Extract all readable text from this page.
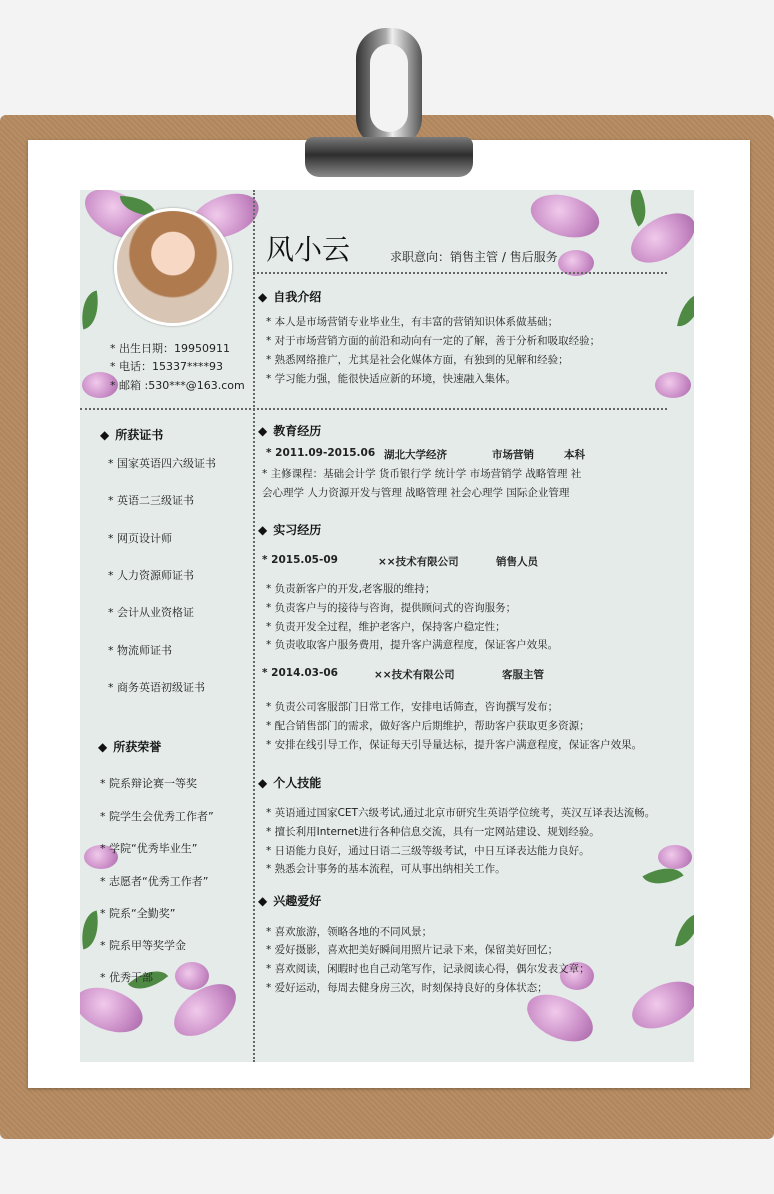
* 出生日期：19950911
* 电话：15337****93
* 邮箱 :530***@163.com
风小云	求职意向：销售主管 / 售后服务
◆ 所获证书
* 国家英语四六级证书
* 英语二三级证书
* 网页设计师
* 人力资源师证书
* 会计从业资格证
* 物流师证书
* 商务英语初级证书
◆ 所获荣誉
* 院系辩论赛一等奖
* 院学生会优秀工作者”
* 学院“优秀毕业生”
* 志愿者“优秀工作者”
* 院系“全勤奖”
* 院系甲等奖学金
* 优秀干部
◆ 自我介绍
* 本人是市场营销专业毕业生，有丰富的营销知识体系做基础；
* 对于市场营销方面的前沿和动向有一定的了解，善于分析和吸取经验；
* 熟悉网络推广，尤其是社会化媒体方面，有独到的见解和经验；
* 学习能力强，能很快适应新的环境，快速融入集体。
◆ 教育经历
* 2011.09-2015.06 湖北大学经济	市场营销	本科
* 主修课程：基础会计学 货币银行学 统计学 市场营销学 战略管理 社
会心理学 人力资源开发与管理 战略管理 社会心理学 国际企业管理
◆ 实习经历
* 2015.05-09	××技术有限公司	销售人员
* 负责新客户的开发,老客服的维持；
* 负责客户与的接待与咨询，提供顾问式的咨询服务；
* 负责开发全过程，维护老客户，保持客户稳定性；
* 负责收取客户服务费用，提升客户满意程度，保证客户效果。
* 2014.03-06	××技术有限公司	客服主管
* 负责公司客服部门日常工作，安排电话筛查，咨询撰写发布；
* 配合销售部门的需求，做好客户后期维护，帮助客户获取更多资源；
* 安排在线引导工作，保证每天引导量达标，提升客户满意程度，保证客户效果。
◆ 个人技能
* 英语通过国家CET六级考试,通过北京市研究生英语学位统考，英汉互译表达流畅。
* 擅长利用Internet进行各种信息交流，具有一定网站建设、规划经验。
* 日语能力良好，通过日语二三级等级考试，中日互译表达能力良好。
* 熟悉会计事务的基本流程，可从事出纳相关工作。
◆ 兴趣爱好
* 喜欢旅游，领略各地的不同风景；
* 爱好摄影，喜欢把美好瞬间用照片记录下来，保留美好回忆；
* 喜欢阅读，闲暇时也自己动笔写作，记录阅读心得，偶尔发表文章；
* 爱好运动，每周去健身房三次，时刻保持良好的身体状态；
